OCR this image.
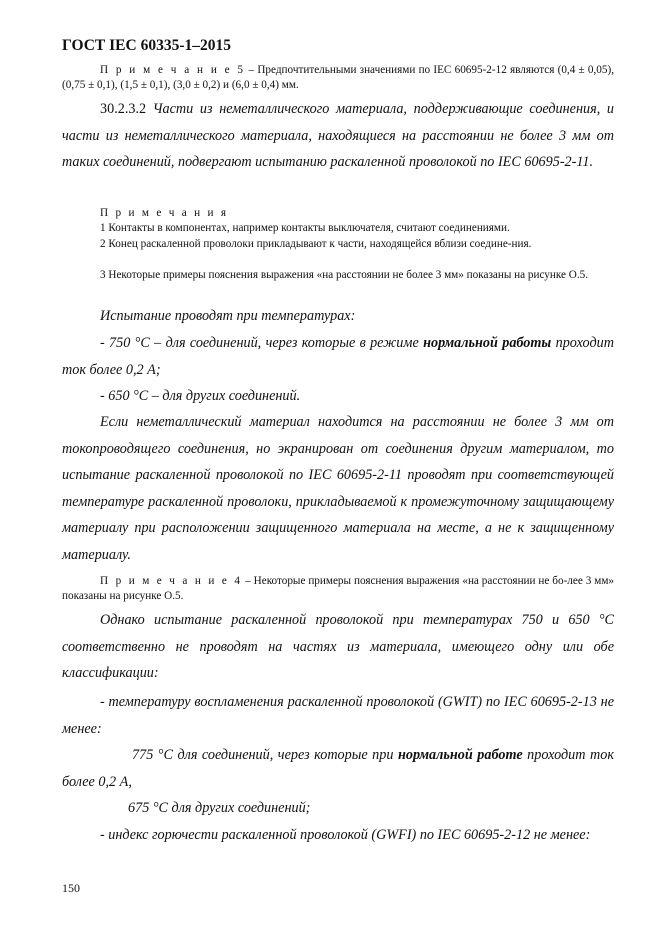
ГОСТ IEC 60335-1–2015
П р и м е ч а н и е 5 – Предпочтительными значениями по IEC 60695-2-12 являются (0,4 ± 0,05), (0,75 ± 0,1), (1,5 ± 0,1), (3,0 ± 0,2) и (6,0 ± 0,4) мм.
30.2.3.2 Части из неметаллического материала, поддерживающие соединения, и части из неметаллического материала, находящиеся на расстоянии не более 3 мм от таких соединений, подвергают испытанию раскаленной проволокой по IEC 60695-2-11.
П р и м е ч а н и я
1 Контакты в компонентах, например контакты выключателя, считают соединениями.
2 Конец раскаленной проволоки прикладывают к части, находящейся вблизи соедине-ния.
3 Некоторые примеры пояснения выражения «на расстоянии не более 3 мм» показаны на рисунке О.5.
Испытание проводят при температурах:
- 750 °С – для соединений, через которые в режиме нормальной работы проходит ток более 0,2 А;
- 650 °С – для других соединений.
Если неметаллический материал находится на расстоянии не более 3 мм от токопроводящего соединения, но экранирован от соединения другим материалом, то испытание раскаленной проволокой по IEC 60695-2-11 проводят при соответствующей температуре раскаленной проволоки, прикладываемой к промежуточному защищающему материалу при расположении защищенного материала на месте, а не к защищенному материалу.
П р и м е ч а н и е 4 – Некоторые примеры пояснения выражения «на расстоянии не бо-лее 3 мм» показаны на рисунке О.5.
Однако испытание раскаленной проволокой при температурах 750 и 650 °С соответственно не проводят на частях из материала, имеющего одну или обе классификации:
- температуру воспламенения раскаленной проволокой (GWIT) по IEC 60695-2-13 не менее:
775 °С для соединений, через которые при нормальной работе проходит ток более 0,2 А,
675 °С для других соединений;
- индекс горючести раскаленной проволокой (GWFI) по IEC 60695-2-12 не менее:
150
